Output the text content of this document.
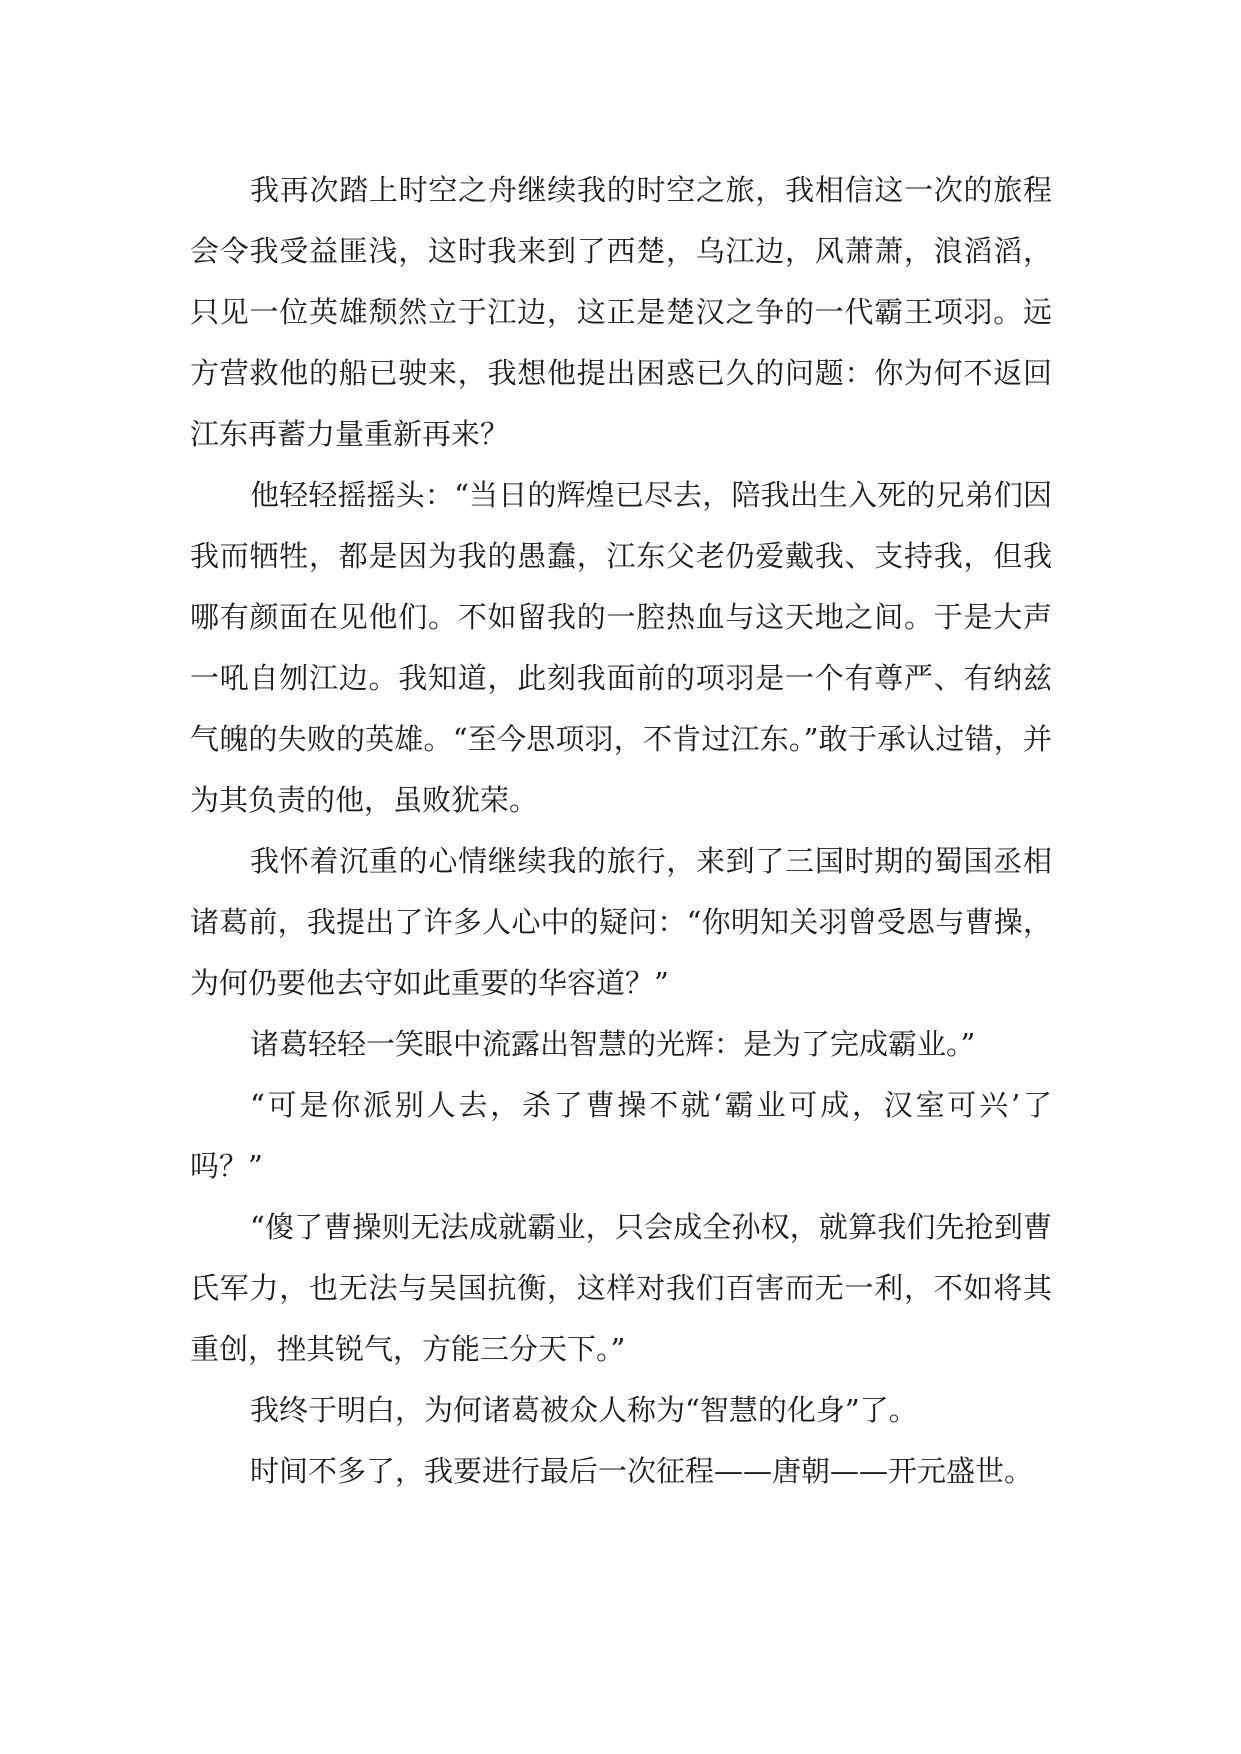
我再次踏上时空之舟继续我的时空之旅，我相信这一次的旅程会令我受益匪浅，这时我来到了西楚，乌江边，风萧萧，浪滔滔，只见一位英雄颓然立于江边，这正是楚汉之争的一代霸王项羽。远方营救他的船已驶来，我想他提出困惑已久的问题：你为何不返回江东再蓄力量重新再来？

他轻轻摇摇头：“当日的辉煌已尽去，陪我出生入死的兄弟们因我而牺牲，都是因为我的愚蠢，江东父老仍爱戴我、支持我，但我哪有颜面在见他们。不如留我的一腔热血与这天地之间。于是大声一吼自刎江边。我知道，此刻我面前的项羽是一个有尊严、有纳兹气魄的失败的英雄。“至今思项羽，不肯过江东。”敢于承认过错，并为其负责的他，虽败犹荣。

我怀着沉重的心情继续我的旅行，来到了三国时期的蜀国丞相诸葛前，我提出了许多人心中的疑问：“你明知关羽曾受恩与曹操，为何仍要他去守如此重要的华容道？”

诸葛轻轻一笑眼中流露出智慧的光辉：是为了完成霸业。”

“可是你派别人去，杀了曹操不就‘霸业可成，汉室可兴’了吗？”

“傻了曹操则无法成就霸业，只会成全孙权，就算我们先抢到曹氏军力，也无法与吴国抗衡，这样对我们百害而无一利，不如将其重创，挫其锐气，方能三分天下。”

我终于明白，为何诸葛被众人称为“智慧的化身”了。

时间不多了，我要进行最后一次征程——唐朝——开元盛世。
